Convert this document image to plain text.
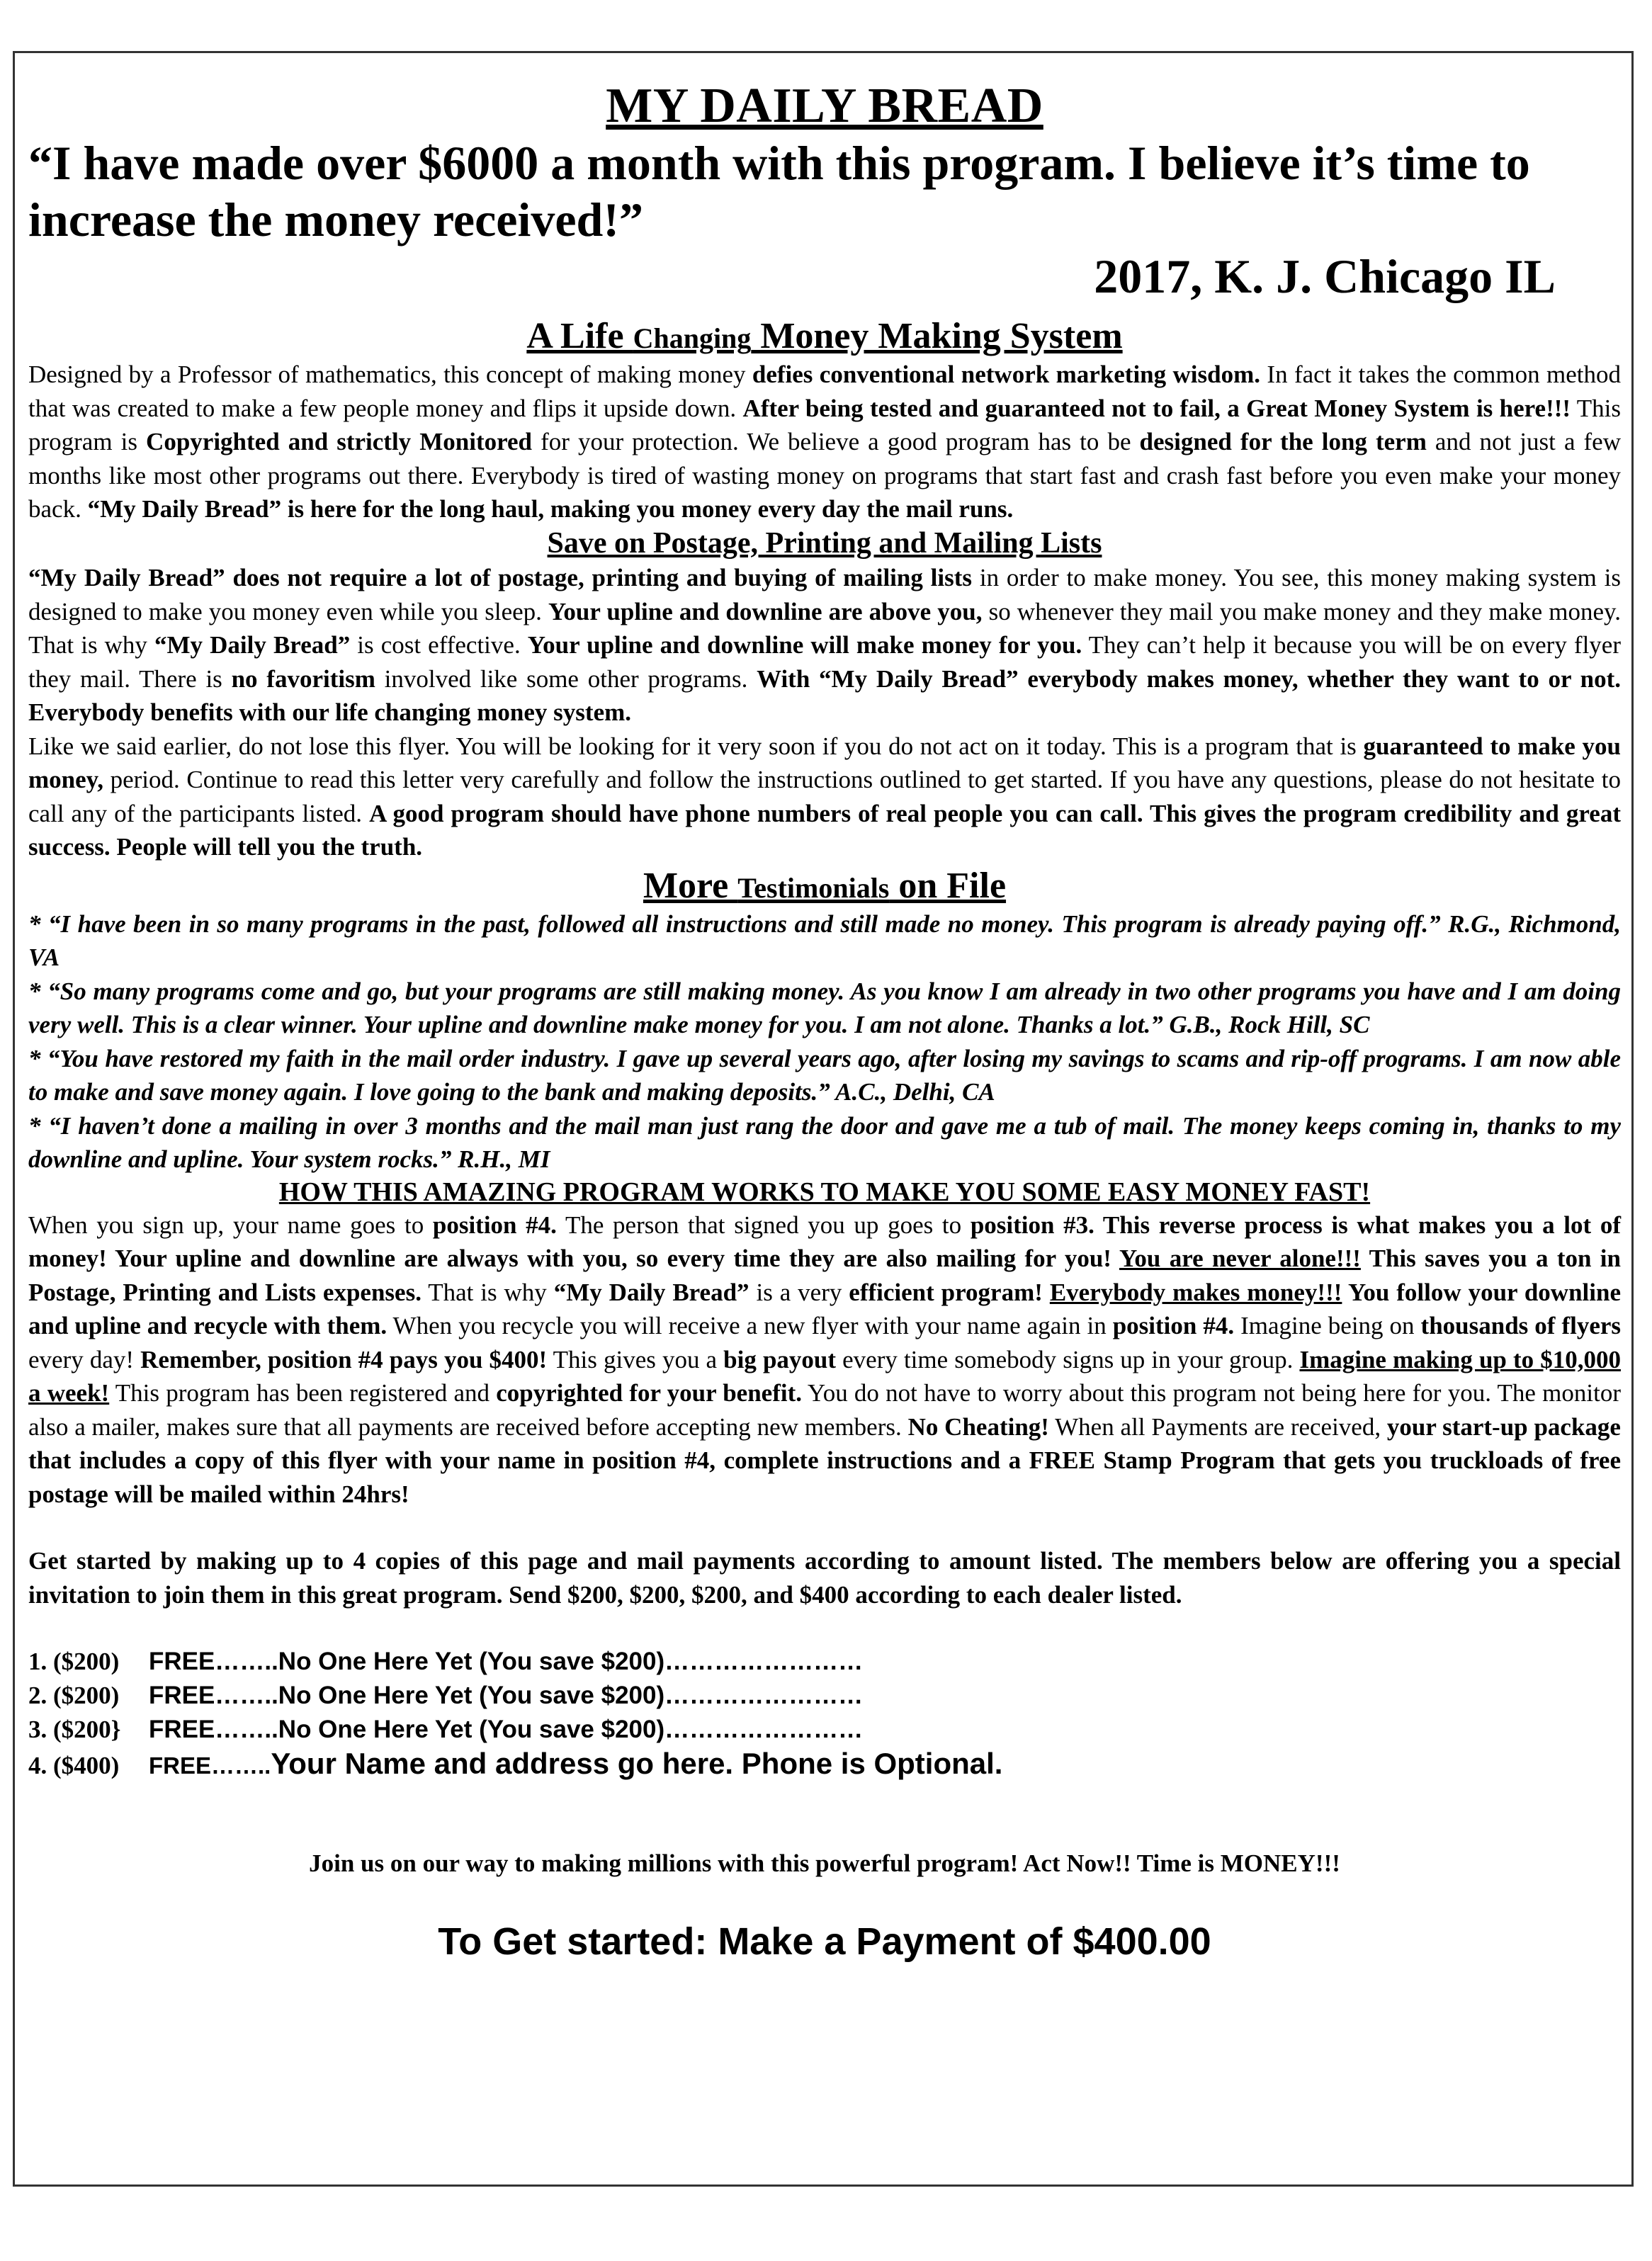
MY DAILY BREAD
“I have made over $6000 a month with this program. I believe it’s time to increase the money received!”
2017, K. J. Chicago IL
A Life Changing Money Making System

Designed by a Professor of mathematics, this concept of making money defies conventional network marketing wisdom. In fact it takes the common method that was created to make a few people money and flips it upside down. After being tested and guaranteed not to fail, a Great Money System is here!!! This program is Copyrighted and strictly Monitored for your protection. We believe a good program has to be designed for the long term and not just a few months like most other programs out there. Everybody is tired of wasting money on programs that start fast and crash fast before you even make your money back. “My Daily Bread” is here for the long haul, making you money every day the mail runs.

Save on Postage, Printing and Mailing Lists

“My Daily Bread” does not require a lot of postage, printing and buying of mailing lists in order to make money. You see, this money making system is designed to make you money even while you sleep. Your upline and downline are above you, so whenever they mail you make money and they make money. That is why “My Daily Bread” is cost effective. Your upline and downline will make money for you. They can’t help it because you will be on every flyer they mail. There is no favoritism involved like some other programs. With “My Daily Bread” everybody makes money, whether they want to or not. Everybody benefits with our life changing money system.

Like we said earlier, do not lose this flyer. You will be looking for it very soon if you do not act on it today. This is a program that is guaranteed to make you money, period. Continue to read this letter very carefully and follow the instructions outlined to get started. If you have any questions, please do not hesitate to call any of the participants listed. A good program should have phone numbers of real people you can call. This gives the program credibility and great success. People will tell you the truth.

More Testimonials on File

* “I have been in so many programs in the past, followed all instructions and still made no money. This program is already paying off.” R.G., Richmond, VA

* “So many programs come and go, but your programs are still making money. As you know I am already in two other programs you have and I am doing very well. This is a clear winner. Your upline and downline make money for you. I am not alone. Thanks a lot.” G.B., Rock Hill, SC

* “You have restored my faith in the mail order industry. I gave up several years ago, after losing my savings to scams and rip-off programs. I am now able to make and save money again. I love going to the bank and making deposits.” A.C., Delhi, CA

* “I haven’t done a mailing in over 3 months and the mail man just rang the door and gave me a tub of mail. The money keeps coming in, thanks to my downline and upline. Your system rocks.” R.H., MI

HOW THIS AMAZING PROGRAM WORKS TO MAKE YOU SOME EASY MONEY FAST!

When you sign up, your name goes to position #4. The person that signed you up goes to position #3. This reverse process is what makes you a lot of money! Your upline and downline are always with you, so every time they are also mailing for you! You are never alone!!! This saves you a ton in Postage, Printing and Lists expenses. That is why “My Daily Bread” is a very efficient program! Everybody makes money!!! You follow your downline and upline and recycle with them. When you recycle you will receive a new flyer with your name again in position #4. Imagine being on thousands of flyers every day! Remember, position #4 pays you $400! This gives you a big payout every time somebody signs up in your group. Imagine making up to $10,000 a week! This program has been registered and copyrighted for your benefit. You do not have to worry about this program not being here for you. The monitor also a mailer, makes sure that all payments are received before accepting new members. No Cheating! When all Payments are received, your start-up package that includes a copy of this flyer with your name in position #4, complete instructions and a FREE Stamp Program that gets you truckloads of free postage will be mailed within 24hrs!

Get started by making up to 4 copies of this page and mail payments according to amount listed. The members below are offering you a special invitation to join them in this great program. Send $200, $200, $200, and $400 according to each dealer listed.

1. ($200) FREE……..No One Here Yet (You save $200)……………………
2. ($200) FREE……..No One Here Yet (You save $200)……………………
3. ($200} FREE……..No One Here Yet (You save $200)……………………
4. ($400) FREE……..Your Name and address go here. Phone is Optional.
Join us on our way to making millions with this powerful program! Act Now!! Time is MONEY!!!
To Get started: Make a Payment of $400.00
